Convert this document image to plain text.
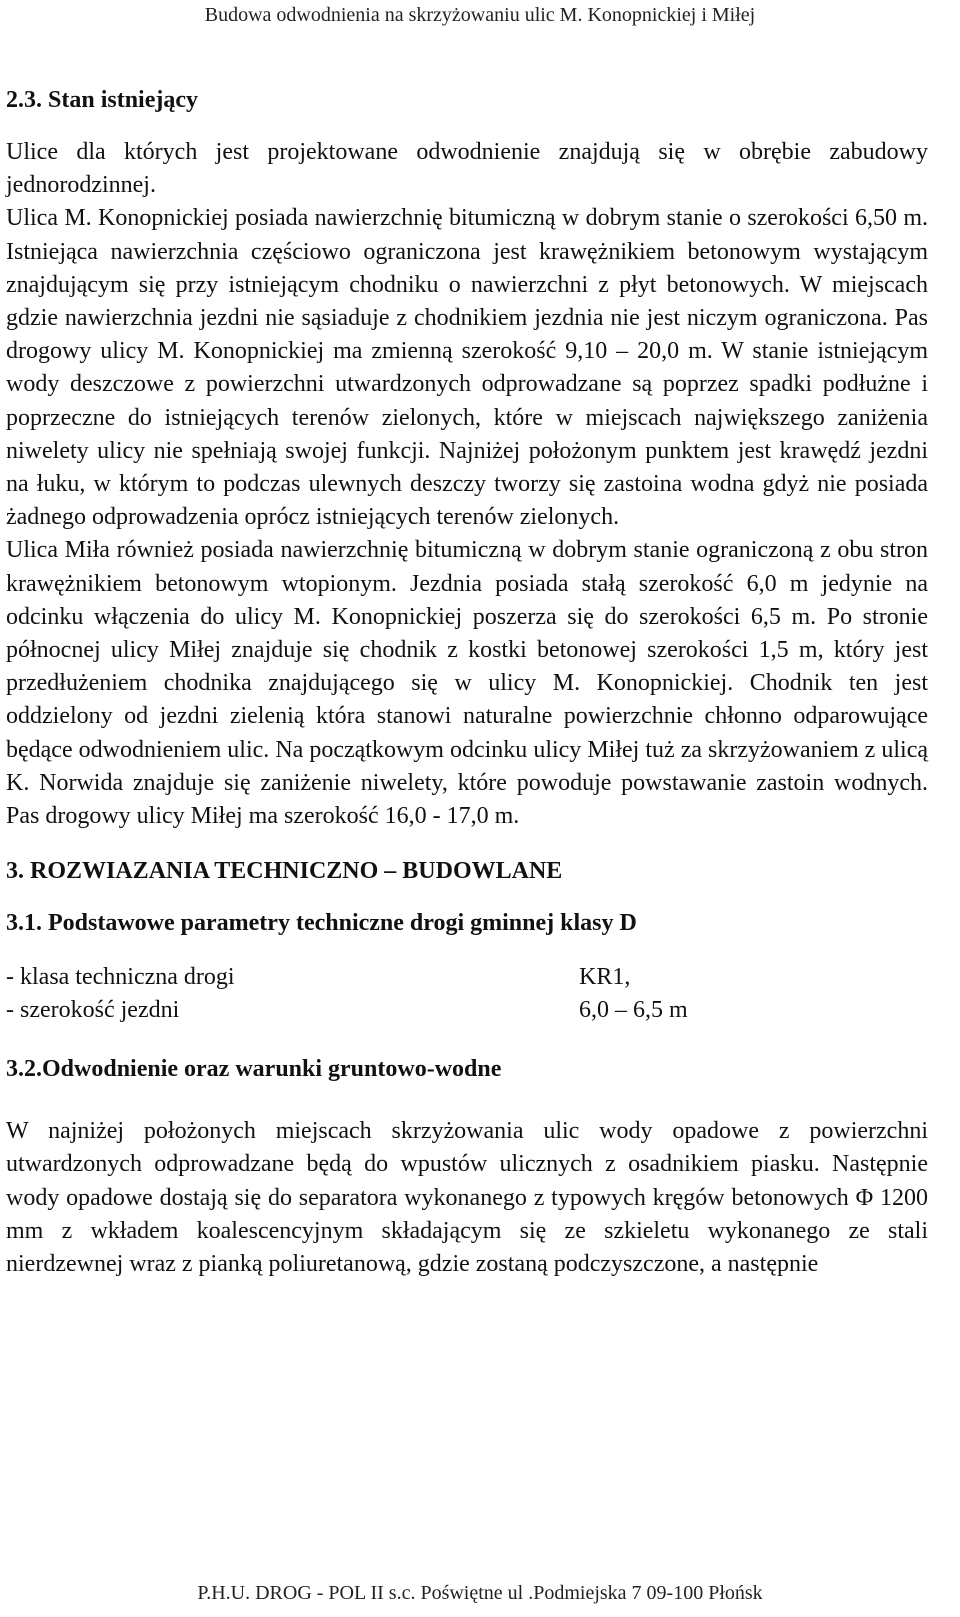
Budowa odwodnienia na skrzyżowaniu ulic M. Konopnickiej i Miłej
2.3. Stan istniejący

Ulice dla których jest projektowane odwodnienie znajdują się w obrębie zabudowy jednorodzinnej.

Ulica M. Konopnickiej posiada nawierzchnię bitumiczną w dobrym stanie o szerokości 6,50 m. Istniejąca nawierzchnia częściowo ograniczona jest krawężnikiem betonowym wystającym znajdującym się przy istniejącym chodniku o nawierzchni z płyt betonowych. W miejscach gdzie nawierzchnia jezdni nie sąsiaduje z chodnikiem jezdnia nie jest niczym ograniczona. Pas drogowy ulicy M. Konopnickiej ma zmienną szerokość 9,10 – 20,0 m. W stanie istniejącym wody deszczowe z powierzchni utwardzonych odprowadzane są poprzez spadki podłużne i poprzeczne do istniejących terenów zielonych, które w miejscach największego zaniżenia niwelety ulicy nie spełniają swojej funkcji. Najniżej położonym punktem jest krawędź jezdni na łuku, w którym to podczas ulewnych deszczy tworzy się zastoina wodna gdyż nie posiada żadnego odprowadzenia oprócz istniejących terenów zielonych.

Ulica Miła również posiada nawierzchnię bitumiczną w dobrym stanie ograniczoną z obu stron krawężnikiem betonowym wtopionym. Jezdnia posiada stałą szerokość 6,0 m jedynie na odcinku włączenia do ulicy M. Konopnickiej poszerza się do szerokości 6,5 m. Po stronie północnej ulicy Miłej znajduje się chodnik z kostki betonowej szerokości 1,5 m, który jest przedłużeniem chodnika znajdującego się w ulicy M. Konopnickiej. Chodnik ten jest oddzielony od jezdni zielenią która stanowi naturalne powierzchnie chłonno odparowujące będące odwodnieniem ulic. Na początkowym odcinku ulicy Miłej tuż za skrzyżowaniem z ulicą K. Norwida znajduje się zaniżenie niwelety, które powoduje powstawanie zastoin wodnych. Pas drogowy ulicy Miłej ma szerokość 16,0 - 17,0 m.

3. ROZWIAZANIA TECHNICZNO – BUDOWLANE
3.1. Podstawowe parametry techniczne drogi gminnej klasy D
- klasa techniczna drogi	KR1,
- szerokość jezdni	6,0 – 6,5 m
3.2.Odwodnienie oraz warunki gruntowo-wodne

W najniżej położonych miejscach skrzyżowania ulic wody opadowe z powierzchni utwardzonych odprowadzane będą do wpustów ulicznych z osadnikiem piasku. Następnie wody opadowe dostają się do separatora wykonanego z typowych kręgów betonowych Φ 1200 mm z wkładem koalescencyjnym składającym się ze szkieletu wykonanego ze stali nierdzewnej wraz z pianką poliuretanową, gdzie zostaną podczyszczone, a następnie

P.H.U. DROG - POL II s.c. Poświętne ul .Podmiejska 7 09-100 Płońsk
